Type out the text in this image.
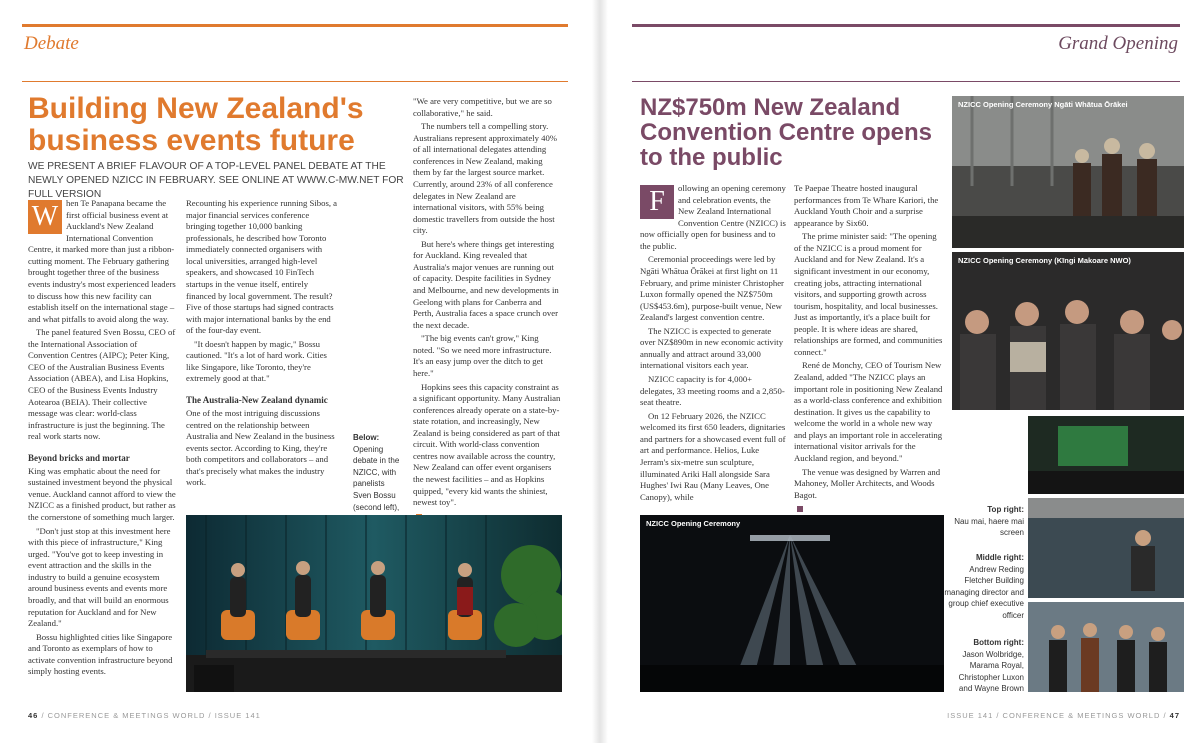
Debate
Building New Zealand's business events future
WE PRESENT A BRIEF FLAVOUR OF A TOP-LEVEL PANEL DEBATE AT THE NEWLY OPENED NZICC IN FEBRUARY. SEE ONLINE AT WWW.C-MW.NET FOR FULL VERSION
W hen Te Panapana became the first official business event at Auckland's New Zealand International Convention Centre, it marked more than just a ribbon-cutting moment. The February gathering brought together three of the business events industry's most experienced leaders to discuss how this new facility can establish itself on the international stage – and what pitfalls to avoid along the way.

The panel featured Sven Bossu, CEO of the International Association of Convention Centres (AIPC); Peter King, CEO of the Australian Business Events Association (ABEA), and Lisa Hopkins, CEO of the Business Events Industry Aotearoa (BEIA). Their collective message was clear: world-class infrastructure is just the beginning. The real work starts now.

Beyond bricks and mortar

King was emphatic about the need for sustained investment beyond the physical venue. Auckland cannot afford to view the NZICC as a finished product, but rather as the cornerstone of something much larger.

"Don't just stop at this investment here with this piece of infrastructure," King urged. "You've got to keep investing in event attraction and the skills in the industry to build a genuine ecosystem around business events and events more broadly, and that will build an enormous reputation for Auckland and for New Zealand."

Bossu highlighted cities like Singapore and Toronto as exemplars of how to activate convention infrastructure beyond simply hosting events.

Recounting his experience running Sibos, a major financial services conference bringing together 10,000 banking professionals, he described how Toronto immediately connected organisers with local universities, arranged high-level speakers, and showcased 10 FinTech startups in the venue itself, entirely financed by local government. The result? Five of those startups had signed contracts with major international banks by the end of the four-day event.

"It doesn't happen by magic," Bossu cautioned. "It's a lot of hard work. Cities like Singapore, like Toronto, they're extremely good at that."

The Australia-New Zealand dynamic

One of the most intriguing discussions centred on the relationship between Australia and New Zealand in the business events sector. According to King, they're both competitors and collaborators – and that's precisely what makes the industry work.

"We are very competitive, but we are so collaborative," he said.

The numbers tell a compelling story. Australians represent approximately 40% of all international delegates attending conferences in New Zealand, making them by far the largest source market. Currently, around 23% of all conference delegates in New Zealand are international visitors, with 55% being domestic travellers from outside the host city.

But here's where things get interesting for Auckland. King revealed that Australia's major venues are running out of capacity. Despite facilities in Sydney and Melbourne, and new developments in Geelong with plans for Canberra and Perth, Australia faces a space crunch over the next decade.

"The big events can't grow," King noted. "So we need more infrastructure. It's an easy jump over the ditch to get here."

Hopkins sees this capacity constraint as a significant opportunity. Many Australian conferences already operate on a state-by-state rotation, and increasingly, New Zealand is being considered as part of that circuit. With world-class convention centres now available across the country, New Zealand can offer event organisers the newest facilities – and as Hopkins quipped, "every kid wants the shiniest, newest toy".

Below:
Opening debate in the NZICC, with panelists Sven Bossu (second left),
46 / CONFERENCE & MEETINGS WORLD / ISSUE 141
Grand Opening
NZ$750m New Zealand Convention Centre opens to the public
F	ollowing an opening ceremony and celebration events, the New Zealand International Convention Centre (NZICC) is now officially open for business and to the public.

Ceremonial proceedings were led by Ngāti Whātua Ōrākei at first light on 11 February, and prime minister Christopher Luxon formally opened the NZ$750m (US$453.6m), purpose-built venue, New Zealand's largest convention centre.

The NZICC is expected to generate over NZ$890m in new economic activity annually and attract around 33,000 international visitors each year.

NZICC capacity is for 4,000+ delegates, 33 meeting rooms and a 2,850-seat theatre.

On 12 February 2026, the NZICC welcomed its first 650 leaders, dignitaries and partners for a showcased event full of art and performance. Helios, Luke Jerram's six-metre sun sculpture, illuminated Ariki Hall alongside Sara Hughes' Iwi Rau (Many Leaves, One Canopy), while

Te Paepae Theatre hosted inaugural performances from Te Whare Kariori, the Auckland Youth Choir and a surprise appearance by Six60.

The prime minister said: "The opening of the NZICC is a proud moment for Auckland and for New Zealand. It's a significant investment in our economy, creating jobs, attracting international visitors, and supporting growth across tourism, hospitality, and local businesses. Just as importantly, it's a place built for people. It is where ideas are shared, relationships are formed, and communities connect."

René de Monchy, CEO of Tourism New Zealand, added "The NZICC plays an important role in positioning New Zealand as a world-class conference and exhibition destination. It gives us the capability to welcome the world in a whole new way and plays an important role in accelerating international visitor arrivals for the Auckland region, and beyond."

The venue was designed by Warren and Mahoney, Moller Architects, and Woods Bagot.

NZICC Opening Ceremony Ngāti Whātua Ōrākei
NZICC Opening Ceremony (Kīngi Makoare NWO)
NZICC Opening Ceremony
Top right:
Nau mai, haere mai screen
Middle right:
Andrew Reding Fletcher Building managing director and group chief executive officer
Bottom right:
Jason Wolbridge, Marama Royal, Christopher Luxon and Wayne Brown
ISSUE 141 / CONFERENCE & MEETINGS WORLD / 47
